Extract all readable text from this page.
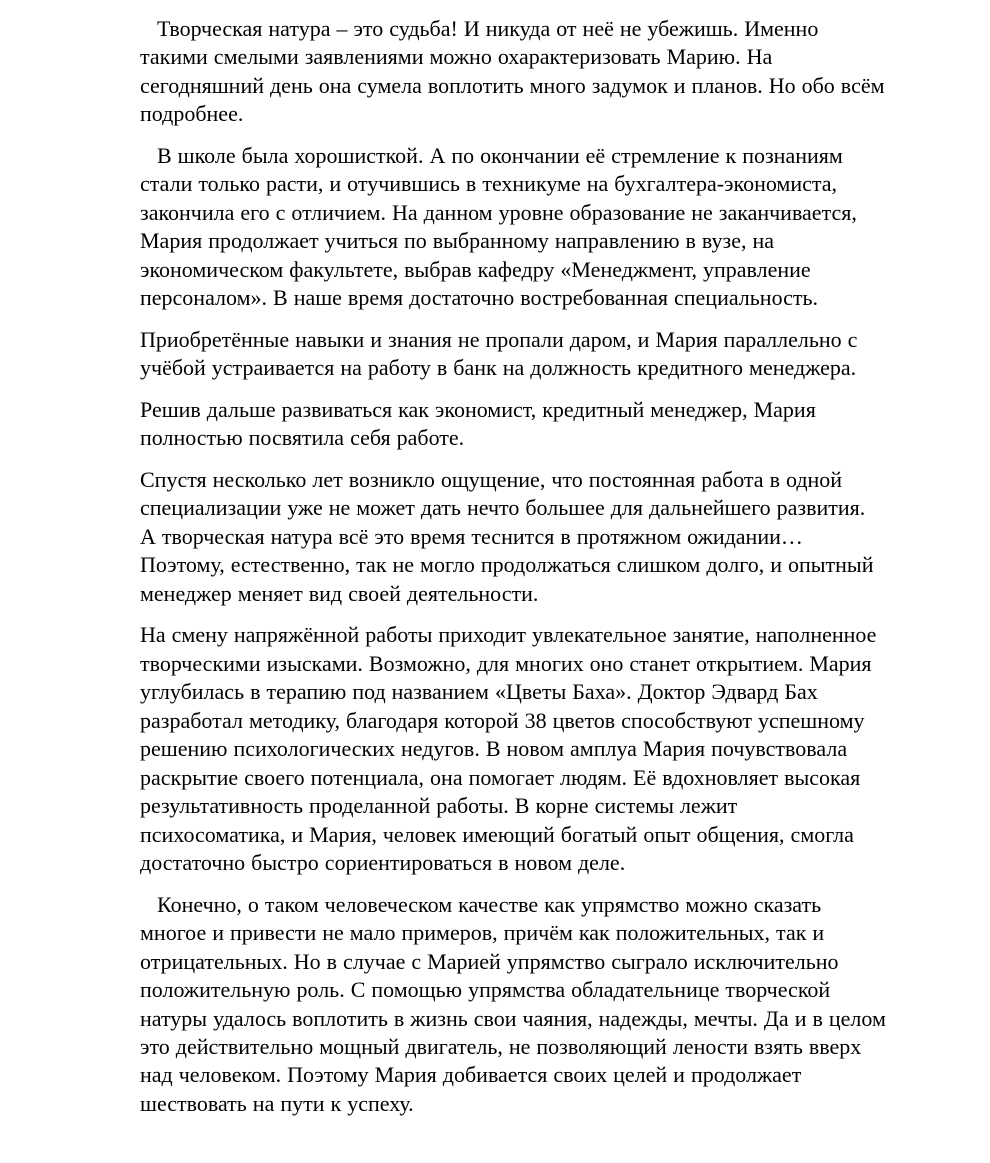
Творческая натура – это судьба! И никуда от неё не убежишь. Именно такими смелыми заявлениями можно охарактеризовать Марию. На сегодняшний день она сумела воплотить много задумок и планов. Но обо всём подробнее.

В школе была хорошисткой. А по окончании её стремление к познаниям стали только расти, и отучившись в техникуме на бухгалтера-экономиста, закончила его с отличием. На данном уровне образование не заканчивается, Мария продолжает учиться по выбранному направлению в вузе, на экономическом факультете, выбрав кафедру «Менеджмент, управление персоналом». В наше время достаточно востребованная специальность.

Приобретённые навыки и знания не пропали даром, и Мария параллельно с учёбой устраивается на работу в банк на должность кредитного менеджера.

Решив дальше развиваться как экономист, кредитный менеджер, Мария полностью посвятила себя работе.

Спустя несколько лет возникло ощущение, что постоянная работа в одной специализации уже не может дать нечто большее для дальнейшего развития. А творческая натура всё это время теснится в протяжном ожидании…Поэтому, естественно, так не могло продолжаться слишком долго, и опытный менеджер меняет вид своей деятельности.

На смену напряжённой работы приходит увлекательное занятие, наполненное творческими изысками. Возможно, для многих оно станет открытием. Мария углубилась в терапию под названием «Цветы Баха». Доктор Эдвард Бах разработал методику, благодаря которой 38 цветов способствуют успешному решению психологических недугов. В новом амплуа Мария почувствовала раскрытие своего потенциала, она помогает людям. Её вдохновляет высокая результативность проделанной работы. В корне системы лежит психосоматика, и Мария, человек имеющий богатый опыт общения, смогла достаточно быстро сориентироваться в новом деле.

Конечно, о таком человеческом качестве как упрямство можно сказать многое и привести не мало примеров, причём как положительных, так и отрицательных. Но в случае с Марией упрямство сыграло исключительно положительную роль. С помощью упрямства обладательнице творческой натуры удалось воплотить в жизнь свои чаяния, надежды, мечты. Да и в целом это действительно мощный двигатель, не позволяющий лености взять вверх над человеком. Поэтому Мария добивается своих целей и продолжает шествовать на пути к успеху.
